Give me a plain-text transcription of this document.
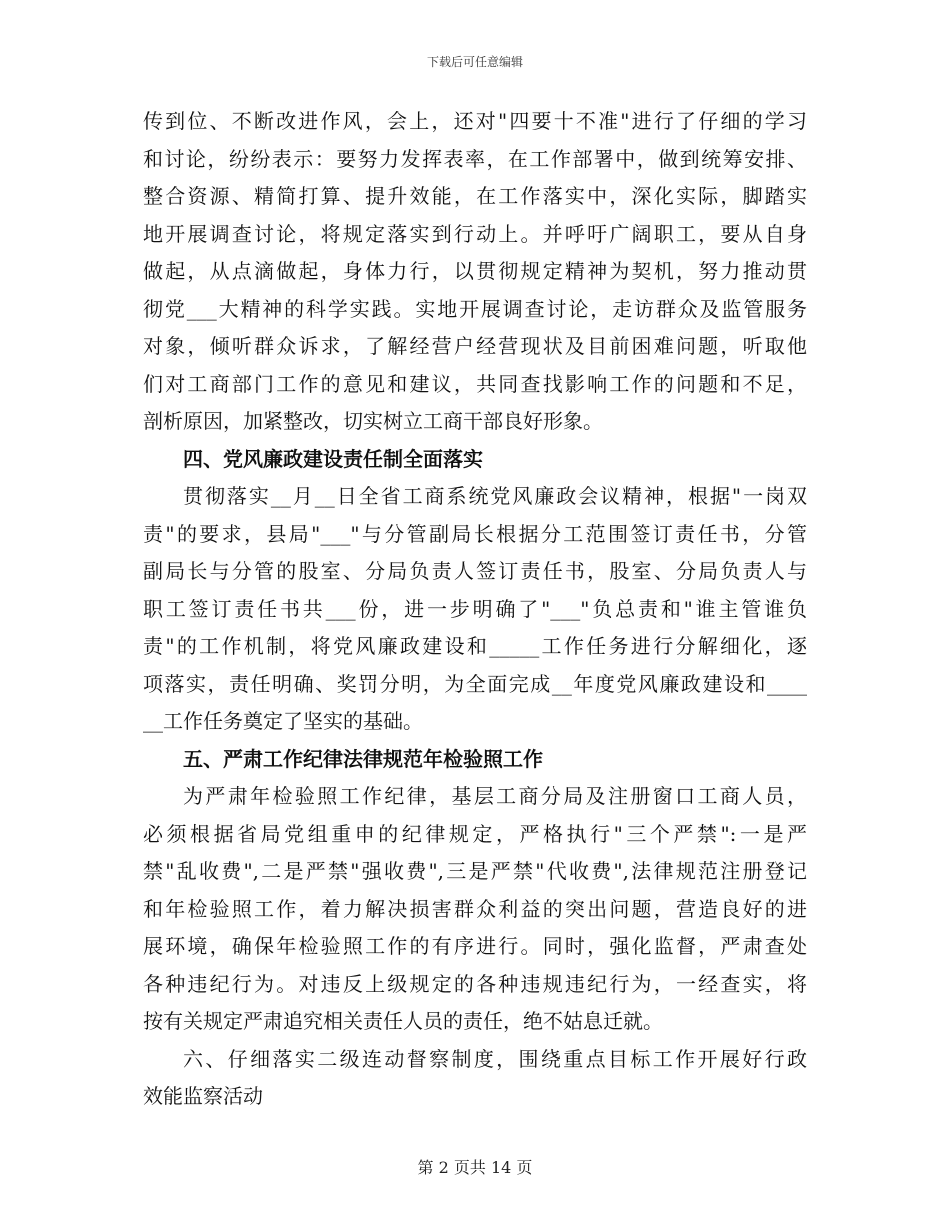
下载后可任意编辑
传到位、不断改进作风，会上，还对"四要十不准"进行了仔细的学习
和讨论，纷纷表示：要努力发挥表率，在工作部署中，做到统筹安排、
整合资源、精简打算、提升效能，在工作落实中，深化实际，脚踏实
地开展调查讨论，将规定落实到行动上。并呼吁广阔职工，要从自身
做起，从点滴做起，身体力行，以贯彻规定精神为契机，努力推动贯
彻党___大精神的科学实践。实地开展调查讨论，走访群众及监管服务
对象，倾听群众诉求，了解经营户经营现状及目前困难问题，听取他
们对工商部门工作的意见和建议，共同查找影响工作的问题和不足，
剖析原因，加紧整改，切实树立工商干部良好形象。
四、党风廉政建设责任制全面落实
贯彻落实__月__日全省工商系统党风廉政会议精神，根据"一岗双
责"的要求，县局"___"与分管副局长根据分工范围签订责任书，分管
副局长与分管的股室、分局负责人签订责任书，股室、分局负责人与
职工签订责任书共___份，进一步明确了"___"负总责和"谁主管谁负
责"的工作机制，将党风廉政建设和_____工作任务进行分解细化，逐
项落实，责任明确、奖罚分明，为全面完成__年度党风廉政建设和____
__工作任务奠定了坚实的基础。
五、严肃工作纪律法律规范年检验照工作
为严肃年检验照工作纪律，基层工商分局及注册窗口工商人员，
必须根据省局党组重申的纪律规定，严格执行"三个严禁":一是严
禁"乱收费",二是严禁"强收费",三是严禁"代收费",法律规范注册登记
和年检验照工作，着力解决损害群众利益的突出问题，营造良好的进
展环境，确保年检验照工作的有序进行。同时，强化监督，严肃查处
各种违纪行为。对违反上级规定的各种违规违纪行为，一经查实，将
按有关规定严肃追究相关责任人员的责任，绝不姑息迁就。
六、仔细落实二级连动督察制度，围绕重点目标工作开展好行政
效能监察活动
第 2 页共 14 页
